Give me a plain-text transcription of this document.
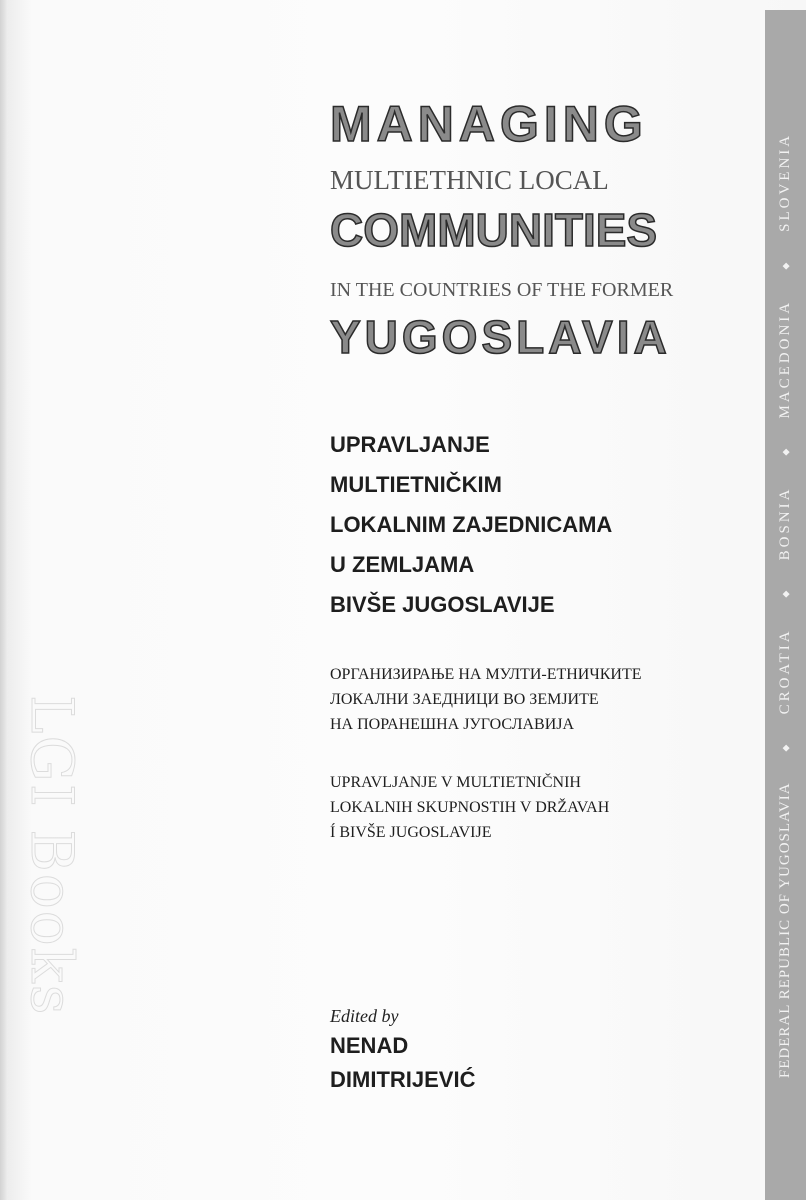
LGI Books	FEDERAL REPUBLIC OF YUGOSLAVIA
CROATIA
BOSNIA
MACEDONIA
SLOVENIA
MANAGING
MULTIETHNIC LOCAL
COMMUNITIES
IN THE COUNTRIES OF THE FORMER
YUGOSLAVIA
UPRAVLJANJE
MULTIETNIČKIM
LOKALNIM ZAJEDNICAMA
U ZEMLJAMA
BIVŠE JUGOSLAVIJE
ОРГАНИЗИРАЊЕ НА МУЛТИ-ЕТНИЧКИТЕ
ЛОКАЛНИ ЗАЕДНИЦИ ВО ЗЕМЈИТЕ
НА ПОРАНЕШНА ЈУГОСЛАВИЈА
UPRAVLJANJE V MULTIETNIČNIH
LOKALNIH SKUPNOSTIH V DRŽAVAH
Í BIVŠE JUGOSLAVIJE
Edited by
NENAD
DIMITRIJEVIĆ
